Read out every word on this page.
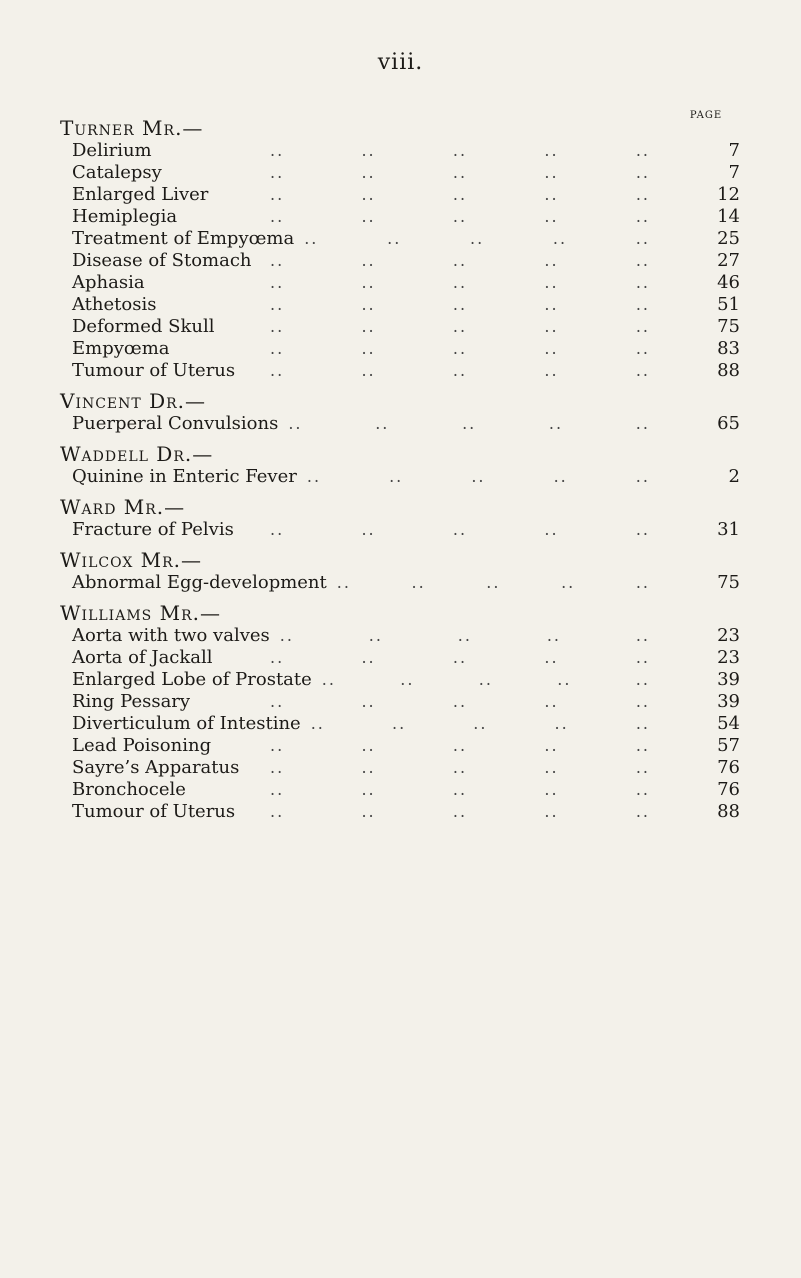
viii.
PAGE
Turner Mr.—
Delirium	..	..	..	..	..	7
Catalepsy	..	..	..	..	..	7
Enlarged Liver	..	..	..	..	..	12
Hemiplegia	..	..	..	..	..	14
Treatment of Empyœma ..	..	..	..	..	25
Disease of Stomach ..	..	..	..	..	27
Aphasia	..	..	..	..	..	46
Athetosis	..	..	..	..	..	51
Deformed Skull	..	..	..	..	..	75
Empyœma	..	..	..	..	..	83
Tumour of Uterus ..	..	..	..	..	88
Vincent Dr.—
Puerperal Convulsions ..	..	..	..	..	65
Waddell Dr.—
Quinine in Enteric Fever ..	..	..	..	..	2
Ward Mr.—
Fracture of Pelvis ..	..	..	..	..	31
Wilcox Mr.—
Abnormal Egg-development ..	..	..	..	..	75
Williams Mr.—
Aorta with two valves ..	..	..	..	..	23
Aorta of Jackall	..	..	..	..	..	23
Enlarged Lobe of Prostate ..	..	..	..	..	39
Ring Pessary	..	..	..	..	..	39
Diverticulum of Intestine ..	..	..	..	..	54
Lead Poisoning	..	..	..	..	..	57
Sayre’s Apparatus ..	..	..	..	..	76
Bronchocele	..	..	..	..	..	76
Tumour of Uterus ..	..	..	..	..	88
